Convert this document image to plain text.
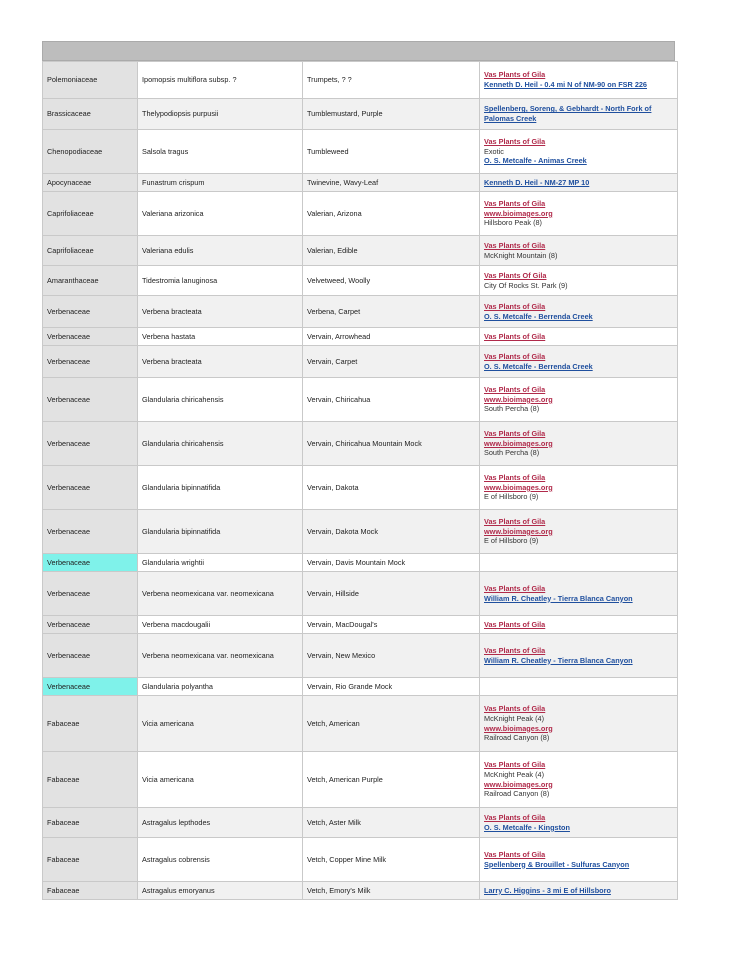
Polemoniaceae	Ipomopsis multiflora subsp. ?	Trumpets, ? ?	Vas Plants of Gila
Kenneth D. Heil - 0.4 mi N of NM-90 on FSR 226

Brassicaceae	Thelypodiopsis purpusii	Tumblemustard, Purple	Spellenberg, Soreng, & Gebhardt - North Fork of Palomas Creek

Chenopodiaceae	Salsola tragus	Tumbleweed	Vas Plants of Gila
Exotic
O. S. Metcalfe - Animas Creek

Apocynaceae	Funastrum crispum	Twinevine, Wavy-Leaf	Kenneth D. Heil - NM-27 MP 10

Caprifoliaceae	Valeriana arizonica	Valerian, Arizona	Vas Plants of Gila
www.bioimages.org
Hillsboro Peak (8)

Caprifoliaceae	Valeriana edulis	Valerian, Edible	Vas Plants of Gila
McKnight Mountain (8)

Amaranthaceae	Tidestromia lanuginosa	Velvetweed, Woolly	Vas Plants Of Gila
City Of Rocks St. Park (9)

Verbenaceae	Verbena bracteata	Verbena, Carpet	Vas Plants of Gila
O. S. Metcalfe - Berrenda Creek

Verbenaceae	Verbena hastata	Vervain, Arrowhead	Vas Plants of Gila

Verbenaceae	Verbena bracteata	Vervain, Carpet	Vas Plants of Gila
O. S. Metcalfe - Berrenda Creek

Verbenaceae	Glandularia chiricahensis	Vervain, Chiricahua	Vas Plants of Gila
www.bioimages.org
South Percha (8)

Verbenaceae	Glandularia chiricahensis	Vervain, Chiricahua Mountain Mock	Vas Plants of Gila
www.bioimages.org
South Percha (8)

Verbenaceae	Glandularia bipinnatifida	Vervain, Dakota	Vas Plants of Gila
www.bioimages.org
E of Hillsboro (9)

Verbenaceae	Glandularia bipinnatifida	Vervain, Dakota Mock	Vas Plants of Gila
www.bioimages.org
E of Hillsboro (9)

Verbenaceae	Glandularia wrightii	Vervain, Davis Mountain Mock	
Verbenaceae	Verbena neomexicana var. neomexicana	Vervain, Hillside	Vas Plants of Gila
William R. Cheatley - Tierra Blanca Canyon

Verbenaceae	Verbena macdougalii	Vervain, MacDougal's	Vas Plants of Gila

Verbenaceae	Verbena neomexicana var. neomexicana	Vervain, New Mexico	Vas Plants of Gila
William R. Cheatley - Tierra Blanca Canyon

Verbenaceae	Glandularia polyantha	Vervain, Rio Grande Mock	
Fabaceae	Vicia americana	Vetch, American	Vas Plants of Gila
McKnight Peak (4)
www.bioimages.org
Railroad Canyon (8)

Fabaceae	Vicia americana	Vetch, American Purple	Vas Plants of Gila
McKnight Peak (4)
www.bioimages.org
Railroad Canyon (8)

Fabaceae	Astragalus lepthodes	Vetch, Aster Milk	Vas Plants of Gila
O. S. Metcalfe - Kingston

Fabaceae	Astragalus cobrensis	Vetch, Copper Mine Milk	Vas Plants of Gila
Spellenberg & Brouillet - Sulfuras Canyon

Fabaceae	Astragalus emoryanus	Vetch, Emory's Milk	Larry C. Higgins - 3 mi E of Hillsboro
